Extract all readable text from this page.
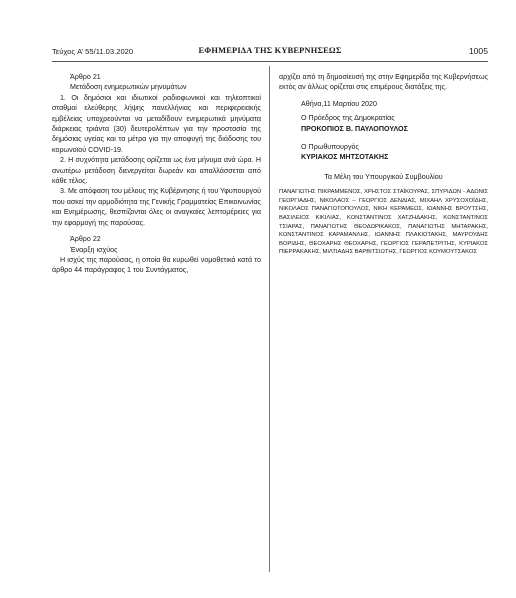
Τεύχος A’ 55/11.03.2020	ΕΦΗΜΕΡΙΔΑ ΤΗΣ ΚΥΒΕΡΝΗΣΕΩΣ	1005

Άρθρο 21

Μετάδοση ενημερωτικών μηνυμάτων

1. Οι δημόσιοι και ιδιωτικοί ραδιοφωνικοί και τηλεοπτικοί σταθμοί ελεύθερης λήψης πανελλήνιας και περιφερειακής εμβέλειας υποχρεούνται να μεταδίδουν ενημερωτικά μηνύματα διάρκειας τριάντα (30) δευτερολέπτων για την προστασία της δημόσιας υγείας και τα μέτρα για την αποφυγή της διάδοσης του κορωνοϊού COVID-19.

2. Η συχνότητα μετάδοσης ορίζεται ως ένα μήνυμα ανά ώρα. Η ανωτέρω μετάδοση διενεργείται δωρεάν και απαλλάσσεται από κάθε τέλος.

3. Με απόφαση του μέλους της Κυβέρνησης ή του Υφυπουργού που ασκεί την αρμοδιότητα της Γενικής Γραμματείας Επικοινωνίας και Ενημέρωσης, θεσπίζονται όλες οι αναγκαίες λεπτομέρειες για την εφαρμογή της παρούσας.

Άρθρο 22

Έναρξη ισχύος

Η ισχύς της παρούσας, η οποία θα κυρωθεί νομοθετικά κατά το άρθρο 44 παράγραφος 1 του Συντάγματος,

αρχίζει από τη δημοσίευσή της στην Εφημερίδα της Κυβερνήσεως εκτός αν άλλως ορίζεται στις επιμέρους διατάξεις της.

Αθήνα,11 Μαρτίου 2020

Ο Πρόεδρος της Δημοκρατίας

ΠΡΟΚΟΠΙΟΣ Β. ΠΑΥΛΟΠΟΥΛΟΣ

Ο Πρωθυπουργός

ΚΥΡΙΑΚΟΣ ΜΗΤΣΟΤΑΚΗΣ

Τα Μέλη του Υπουργικού Συμβουλίου

ΠΑΝΑΓΙΩΤΗΣ ΠΙΚΡΑΜΜΕΝΟΣ, ΧΡΗΣΤΟΣ ΣΤΑΪΚΟΥΡΑΣ, ΣΠΥΡΙΔΩΝ - ΑΔΩΝΙΣ ΓΕΩΡΓΙΑΔΗΣ, ΝΙΚΟΛΑΟΣ – ΓΕΩΡΓΙΟΣ ΔΕΝΔΙΑΣ, ΜΙΧΑΗΛ ΧΡΥΣΟΧΟΪΔΗΣ, ΝΙΚΟΛΑΟΣ ΠΑΝΑΓΙΩΤΟΠΟΥΛΟΣ, ΝΙΚΗ ΚΕΡΑΜΕΩΣ, ΙΩΑΝΝΗΣ ΒΡΟΥΤΣΗΣ, ΒΑΣΙΛΕΙΟΣ ΚΙΚΙΛΙΑΣ, ΚΩΝΣΤΑΝΤΙΝΟΣ ΧΑΤΖΗΔΑΚΗΣ, ΚΩΝΣΤΑΝΤΙΝΟΣ ΤΣΙΑΡΑΣ, ΠΑΝΑΓΙΩΤΗΣ ΘΕΟΔΩΡΙΚΑΚΟΣ, ΠΑΝΑΓΙΩΤΗΣ ΜΗΤΑΡΑΚΗΣ, ΚΩΝΣΤΑΝΤΙΝΟΣ ΚΑΡΑΜΑΝΛΗΣ, ΙΩΑΝΝΗΣ ΠΛΑΚΙΩΤΑΚΗΣ, ΜΑΥΡΟΥΔΗΣ ΒΟΡΙΔΗΣ, ΘΕΟΧΑΡΗΣ ΘΕΟΧΑΡΗΣ, ΓΕΩΡΓΙΟΣ ΓΕΡΑΠΕΤΡΙΤΗΣ, ΚΥΡΙΑΚΟΣ ΠΙΕΡΡΑΚΑΚΗΣ, ΜΙΛΤΙΑΔΗΣ ΒΑΡΒΙΤΣΙΩΤΗΣ, ΓΕΩΡΓΙΟΣ ΚΟΥΜΟΥΤΣΑΚΟΣ
